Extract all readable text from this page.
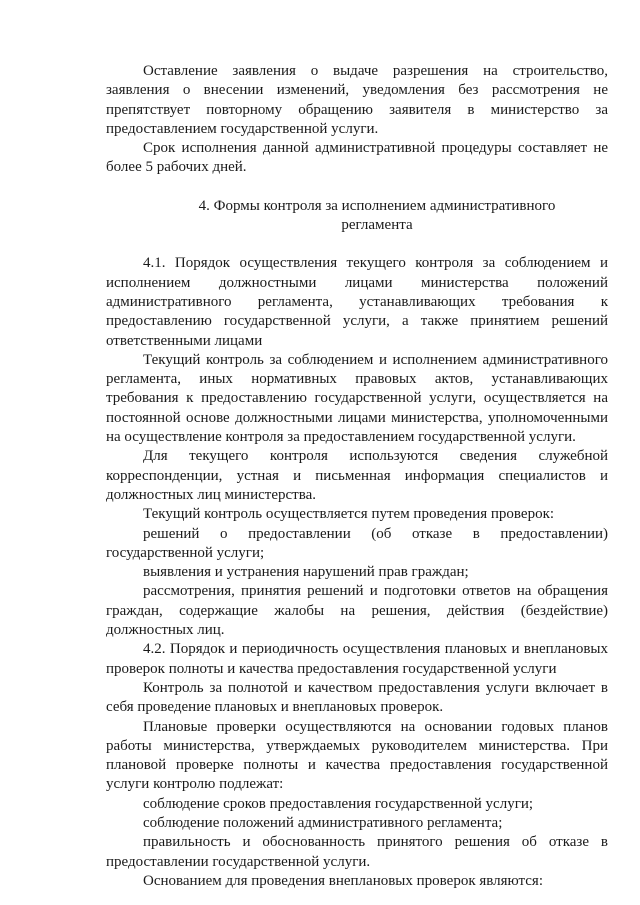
Оставление заявления о выдаче разрешения на строительство, заявления о внесении изменений, уведомления без рассмотрения не препятствует повторному обращению заявителя в министерство за предоставлением государственной услуги.

Срок исполнения данной административной процедуры составляет не более 5 рабочих дней.

4. Формы контроля за исполнением административного

регламента

4.1. Порядок осуществления текущего контроля за соблюдением и исполнением должностными лицами министерства положений административного регламента, устанавливающих требования к предоставлению государственной услуги, а также принятием решений ответственными лицами

Текущий контроль за соблюдением и исполнением административного регламента, иных нормативных правовых актов, устанавливающих требования к предоставлению государственной услуги, осуществляется на постоянной основе должностными лицами министерства, уполномоченными на осуществление контроля за предоставлением государственной услуги.

Для текущего контроля используются сведения служебной корреспонденции, устная и письменная информация специалистов и должностных лиц министерства.

Текущий контроль осуществляется путем проведения проверок:

решений о предоставлении (об отказе в предоставлении) государственной услуги;

выявления и устранения нарушений прав граждан;

рассмотрения, принятия решений и подготовки ответов на обращения граждан, содержащие жалобы на решения, действия (бездействие) должностных лиц.

4.2. Порядок и периодичность осуществления плановых и внеплановых проверок полноты и качества предоставления государственной услуги

Контроль за полнотой и качеством предоставления услуги включает в себя проведение плановых и внеплановых проверок.

Плановые проверки осуществляются на основании годовых планов работы министерства, утверждаемых руководителем министерства. При плановой проверке полноты и качества предоставления государственной услуги контролю подлежат:

соблюдение сроков предоставления государственной услуги;

соблюдение положений административного регламента;

правильность и обоснованность принятого решения об отказе в предоставлении государственной услуги.

Основанием для проведения внеплановых проверок являются:
